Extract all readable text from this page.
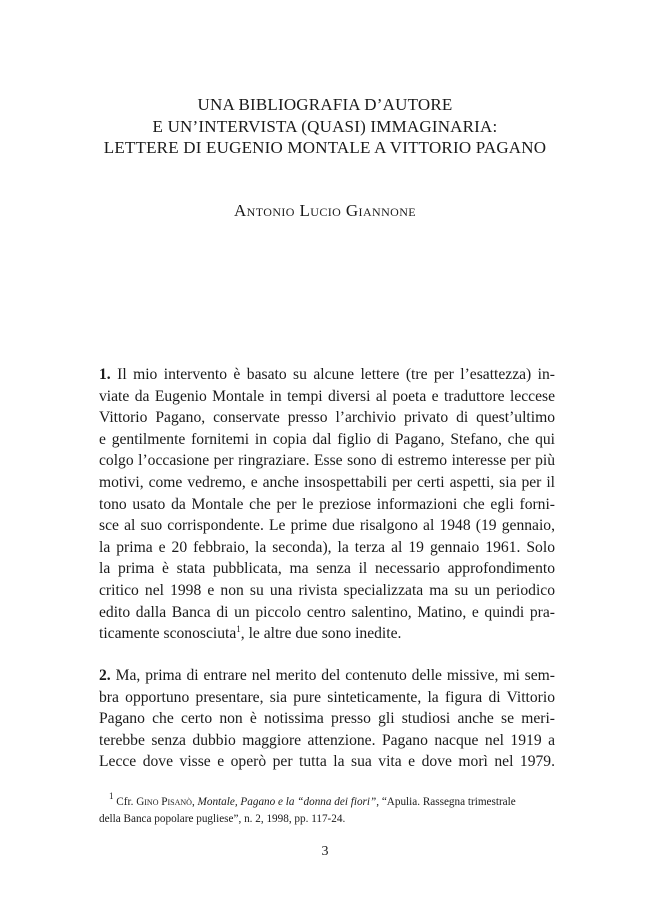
UNA BIBLIOGRAFIA D’AUTORE
E UN’INTERVISTA (QUASI) IMMAGINARIA:
LETTERE DI EUGENIO MONTALE A VITTORIO PAGANO
Antonio Lucio Giannone
1. Il mio intervento è basato su alcune lettere (tre per l’esattezza) in-
viate da Eugenio Montale in tempi diversi al poeta e traduttore leccese
Vittorio Pagano, conservate presso l’archivio privato di quest’ultimo
e gentilmente fornitemi in copia dal figlio di Pagano, Stefano, che qui
colgo l’occasione per ringraziare. Esse sono di estremo interesse per più
motivi, come vedremo, e anche insospettabili per certi aspetti, sia per il
tono usato da Montale che per le preziose informazioni che egli forni-
sce al suo corrispondente. Le prime due risalgono al 1948 (19 gennaio,
la prima e 20 febbraio, la seconda), la terza al 19 gennaio 1961. Solo
la prima è stata pubblicata, ma senza il necessario approfondimento
critico nel 1998 e non su una rivista specializzata ma su un periodico
edito dalla Banca di un piccolo centro salentino, Matino, e quindi pra-
ticamente sconosciuta$^1$, le altre due sono inedite.
2. Ma, prima di entrare nel merito del contenuto delle missive, mi sem-
bra opportuno presentare, sia pure sinteticamente, la figura di Vittorio
Pagano che certo non è notissima presso gli studiosi anche se meri-
terebbe senza dubbio maggiore attenzione. Pagano nacque nel 1919 a
Lecce dove visse e operò per tutta la sua vita e dove morì nel 1979.
$^1$ Cfr. Gino Pisanò, Montale, Pagano e la “donna dei fiori”, “Apulia. Rassegna trimestrale
della Banca popolare pugliese”, n. 2, 1998, pp. 117-24.
3
